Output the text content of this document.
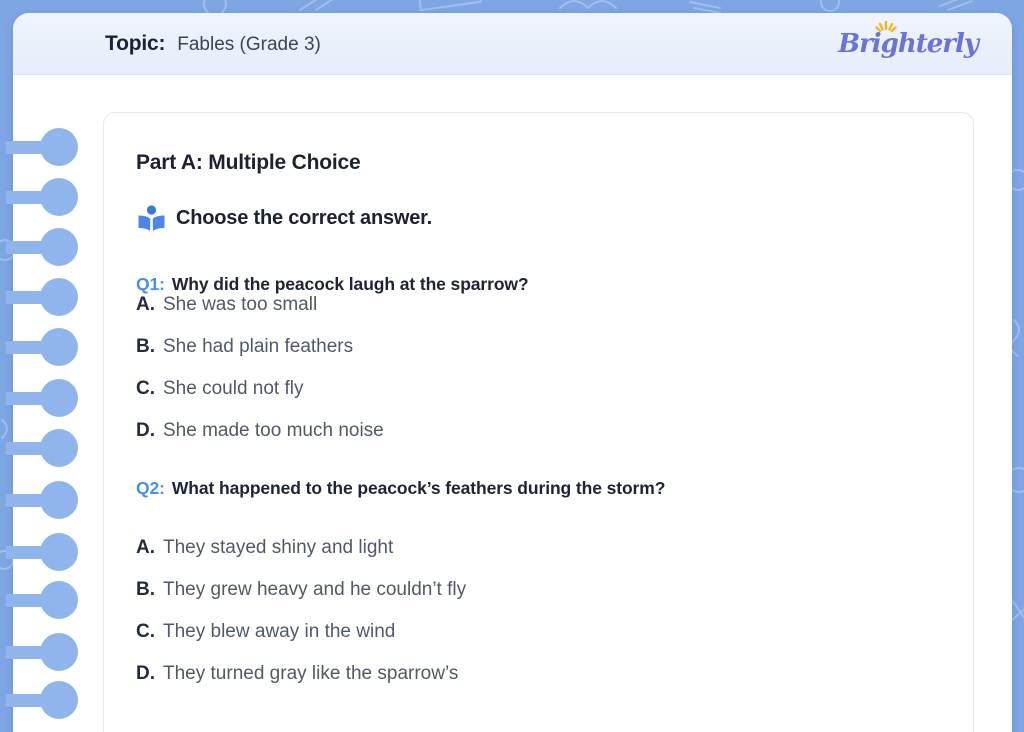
Topic: Fables (Grade 3)	Brighterly
Part A: Multiple Choice
Choose the correct answer.
Q1: Why did the peacock laugh at the sparrow?
A. She was too small
B. She had plain feathers
C. She could not fly
D. She made too much noise
Q2: What happened to the peacock’s feathers during the storm?
A. They stayed shiny and light
B. They grew heavy and he couldn’t fly
C. They blew away in the wind
D. They turned gray like the sparrow’s
